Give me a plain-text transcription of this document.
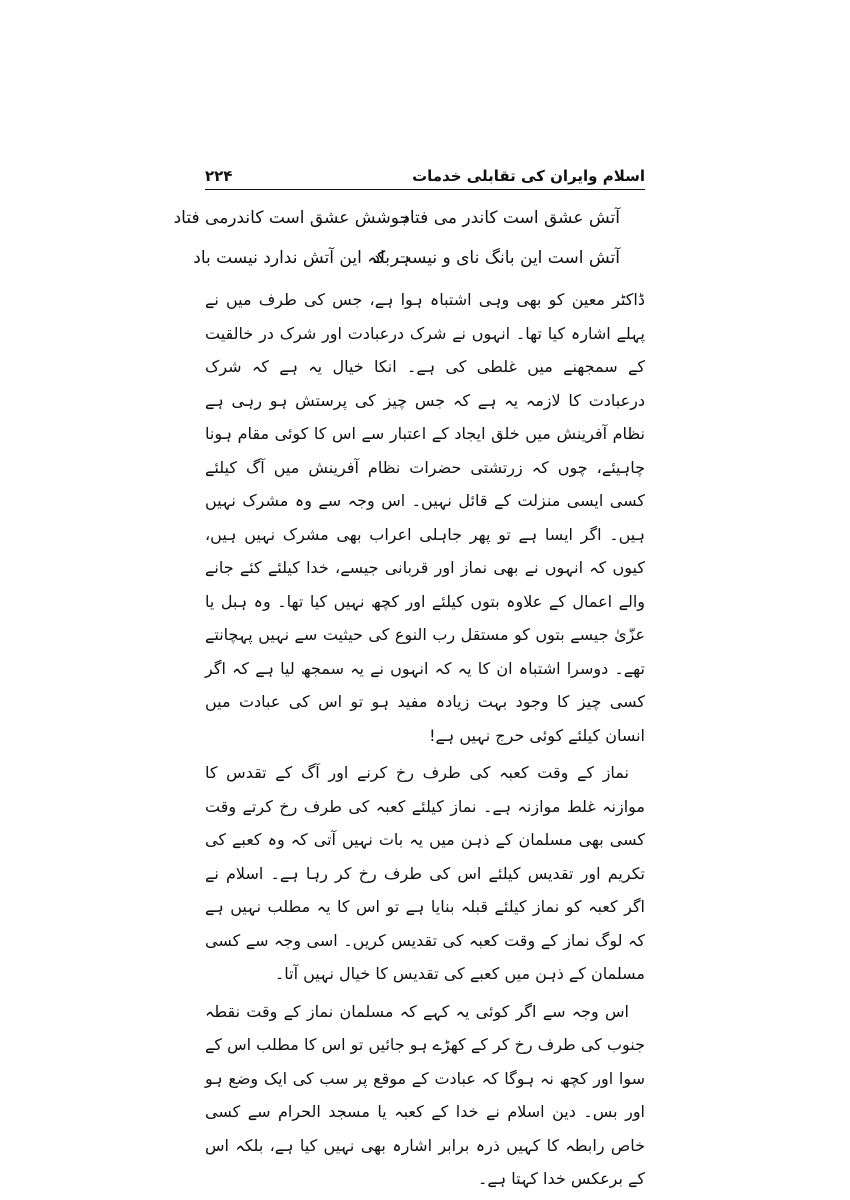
اسلام وایران کی تقابلی خدمات
۲۲۴
آتش عشق است کاندر می فتاد
جوشش عشق است کاندرمی فتاد
آتش است این بانگ نای و نیست باد
ہر کہ این آتش ندارد نیست باد

ڈاکٹر معین کو بھی وہی اشتباہ ہوا ہے، جس کی طرف میں نے پہلے اشارہ کیا تھا۔ انہوں نے شرک درعبادت اور شرک در خالقیت کے سمجھنے میں غلطی کی ہے۔ انکا خیال یہ ہے کہ شرک درعبادت کا لازمہ یہ ہے کہ جس چیز کی پرستش ہو رہی ہے نظام آفرینش میں خلق ایجاد کے اعتبار سے اس کا کوئی مقام ہونا چاہیئے، چوں کہ زرتشتی حضرات نظام آفرینش میں آگ کیلئے کسی ایسی منزلت کے قائل نہیں۔ اس وجہ سے وہ مشرک نہیں ہیں۔ اگر ایسا ہے تو پھر جاہلی اعراب بھی مشرک نہیں ہیں، کیوں کہ انہوں نے بھی نماز اور قربانی جیسے، خدا کیلئے کئے جانے والے اعمال کے علاوہ بتوں کیلئے اور کچھ نہیں کیا تھا۔ وہ ہبل یا عزّیٰ جیسے بتوں کو مستقل رب النوع کی حیثیت سے نہیں پہچانتے تھے۔ دوسرا اشتباہ ان کا یہ کہ انہوں نے یہ سمجھ لیا ہے کہ اگر کسی چیز کا وجود بہت زیادہ مفید ہو تو اس کی عبادت میں انسان کیلئے کوئی حرج نہیں ہے!

نماز کے وقت کعبہ کی طرف رخ کرنے اور آگ کے تقدس کا موازنہ غلط موازنہ ہے۔ نماز کیلئے کعبہ کی طرف رخ کرتے وقت کسی بھی مسلمان کے ذہن میں یہ بات نہیں آتی کہ وہ کعبے کی تکریم اور تقدیس کیلئے اس کی طرف رخ کر رہا ہے۔ اسلام نے اگر کعبہ کو نماز کیلئے قبلہ بنایا ہے تو اس کا یہ مطلب نہیں ہے کہ لوگ نماز کے وقت کعبہ کی تقدیس کریں۔ اسی وجہ سے کسی مسلمان کے ذہن میں کعبے کی تقدیس کا خیال نہیں آتا۔

اس وجہ سے اگر کوئی یہ کہے کہ مسلمان نماز کے وقت نقطہ جنوب کی طرف رخ کر کے کھڑے ہو جائیں تو اس کا مطلب اس کے سوا اور کچھ نہ ہوگا کہ عبادت کے موقع پر سب کی ایک وضع ہو اور بس۔ دین اسلام نے خدا کے کعبہ یا مسجد الحرام سے کسی خاص رابطہ کا کہیں ذرہ برابر اشارہ بھی نہیں کیا ہے، بلکہ اس کے برعکس خدا کہتا ہے۔
